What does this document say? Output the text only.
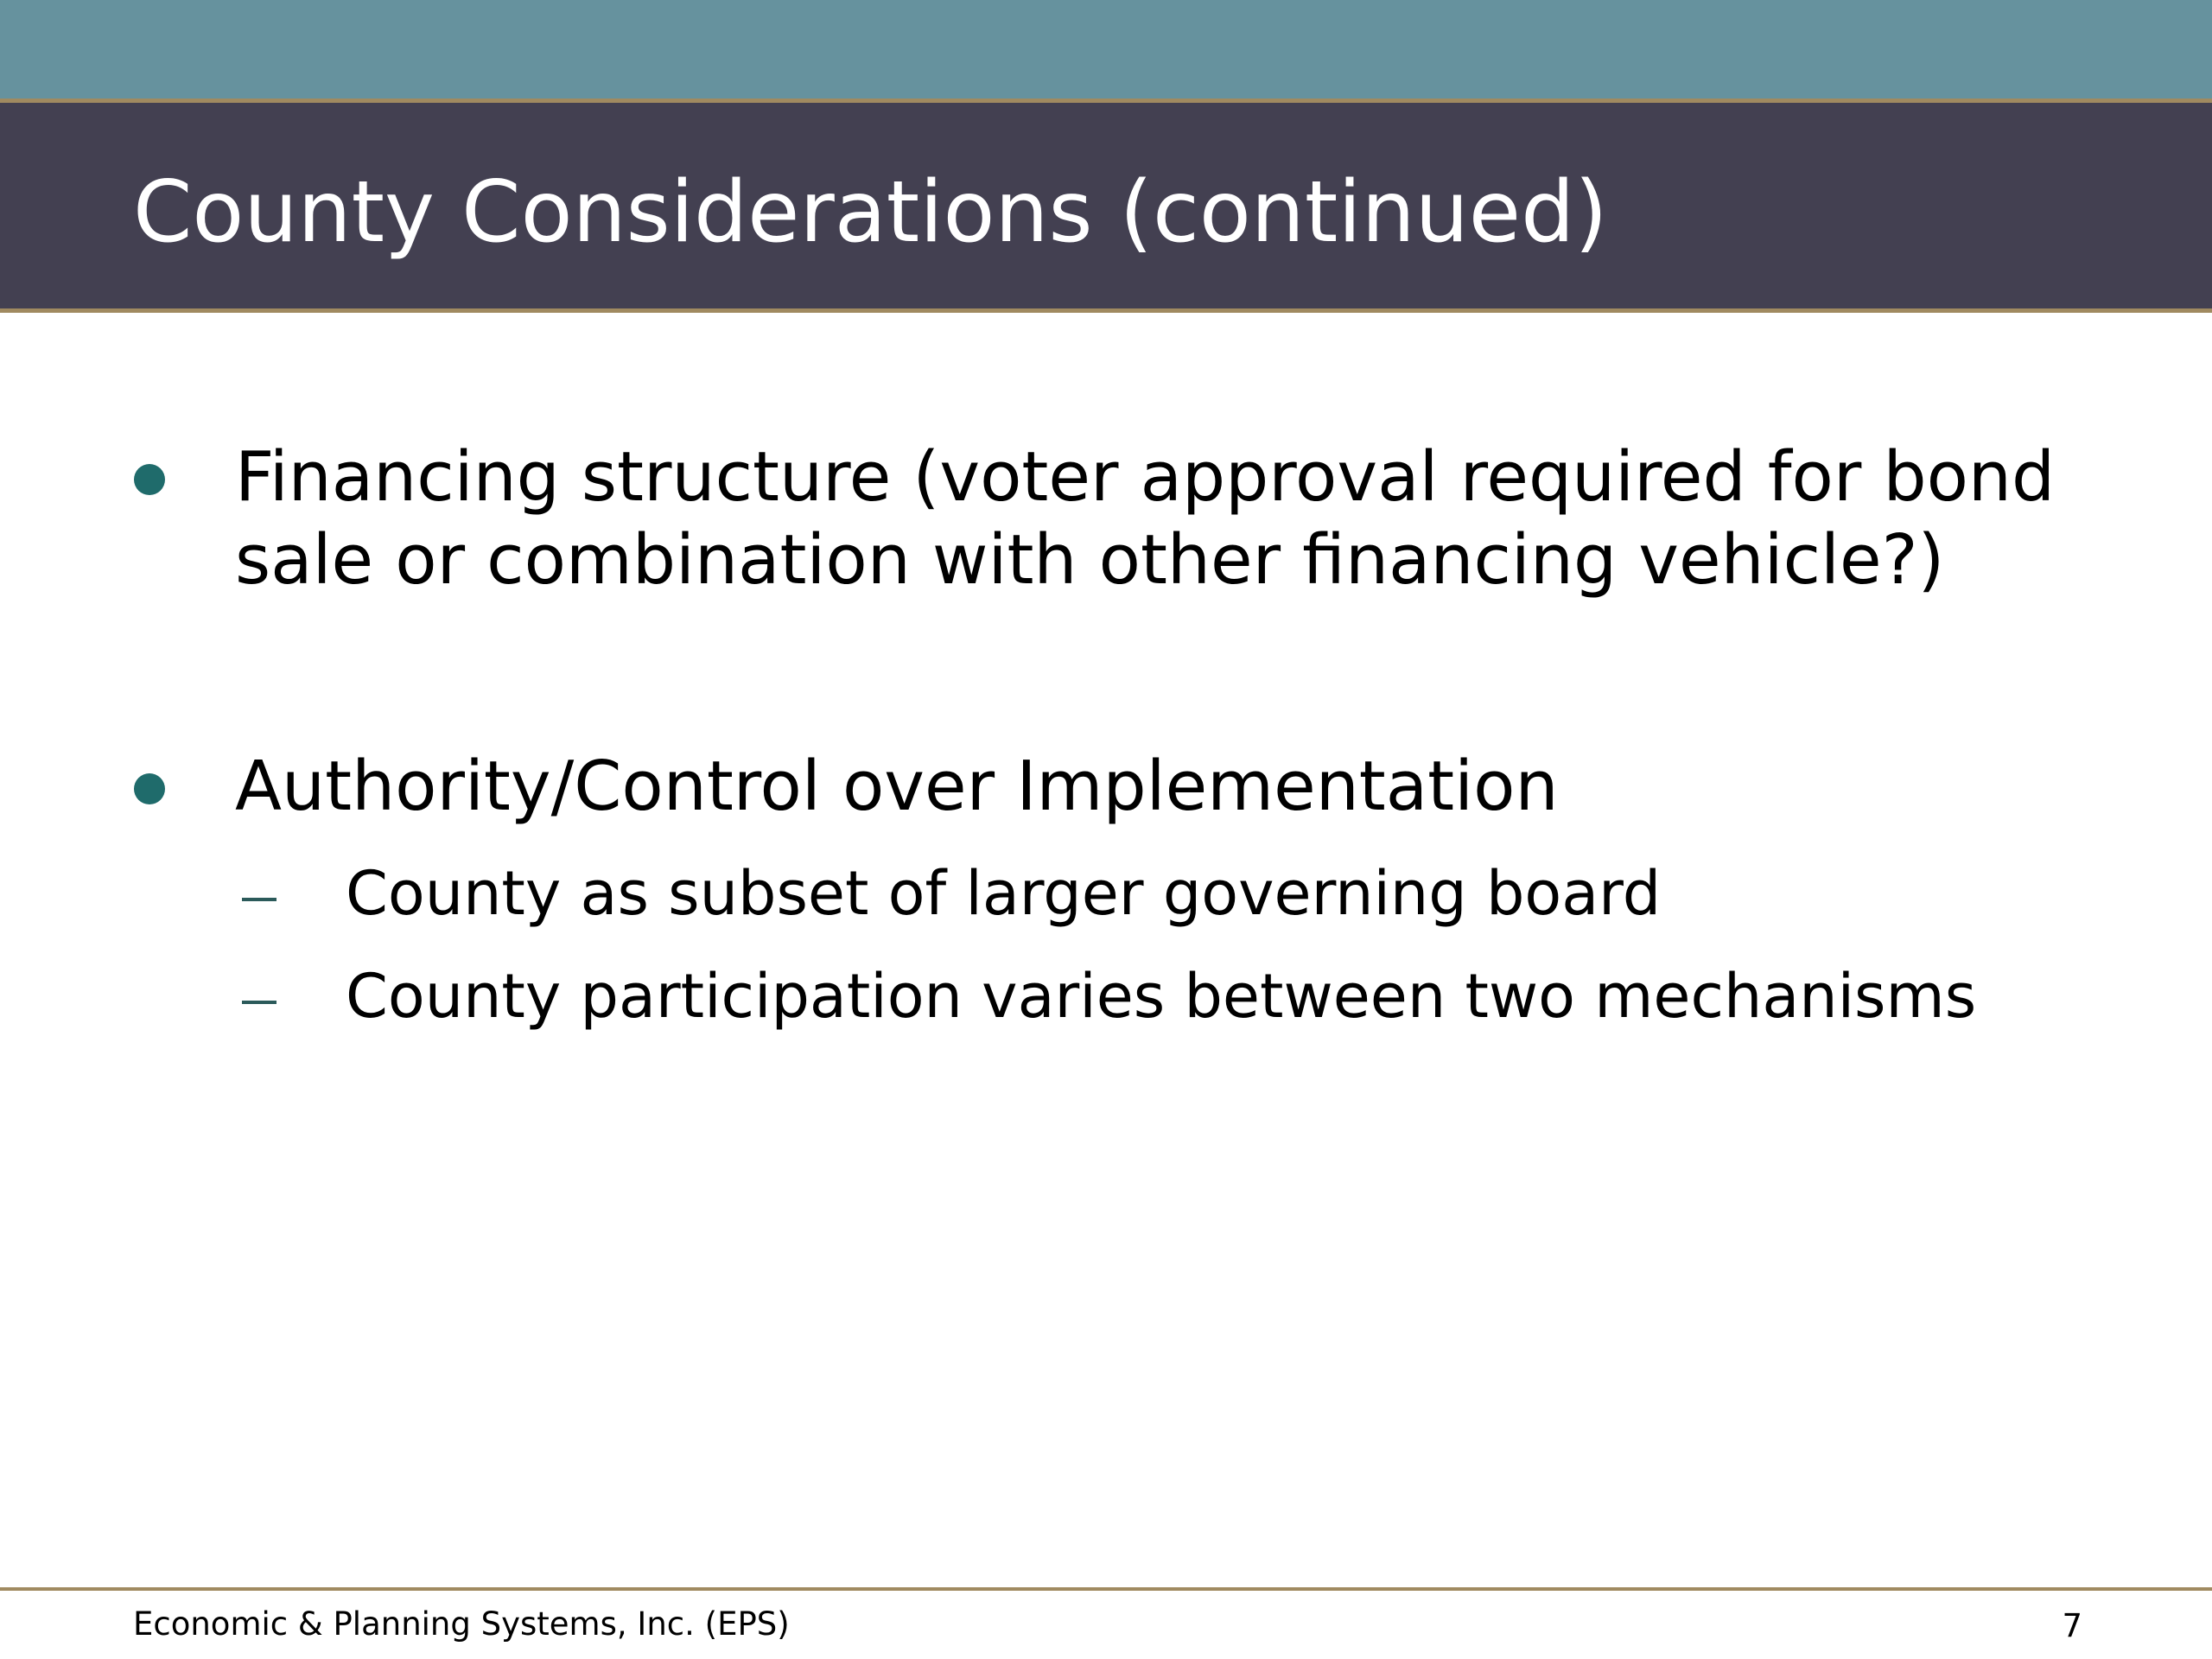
County Considerations (continued)
Financing structure (voter approval required for bond sale or combination with other financing vehicle?)
Authority/Control over Implementation
County as subset of larger governing board
County participation varies between two mechanisms
Economic & Planning Systems, Inc. (EPS)	7
